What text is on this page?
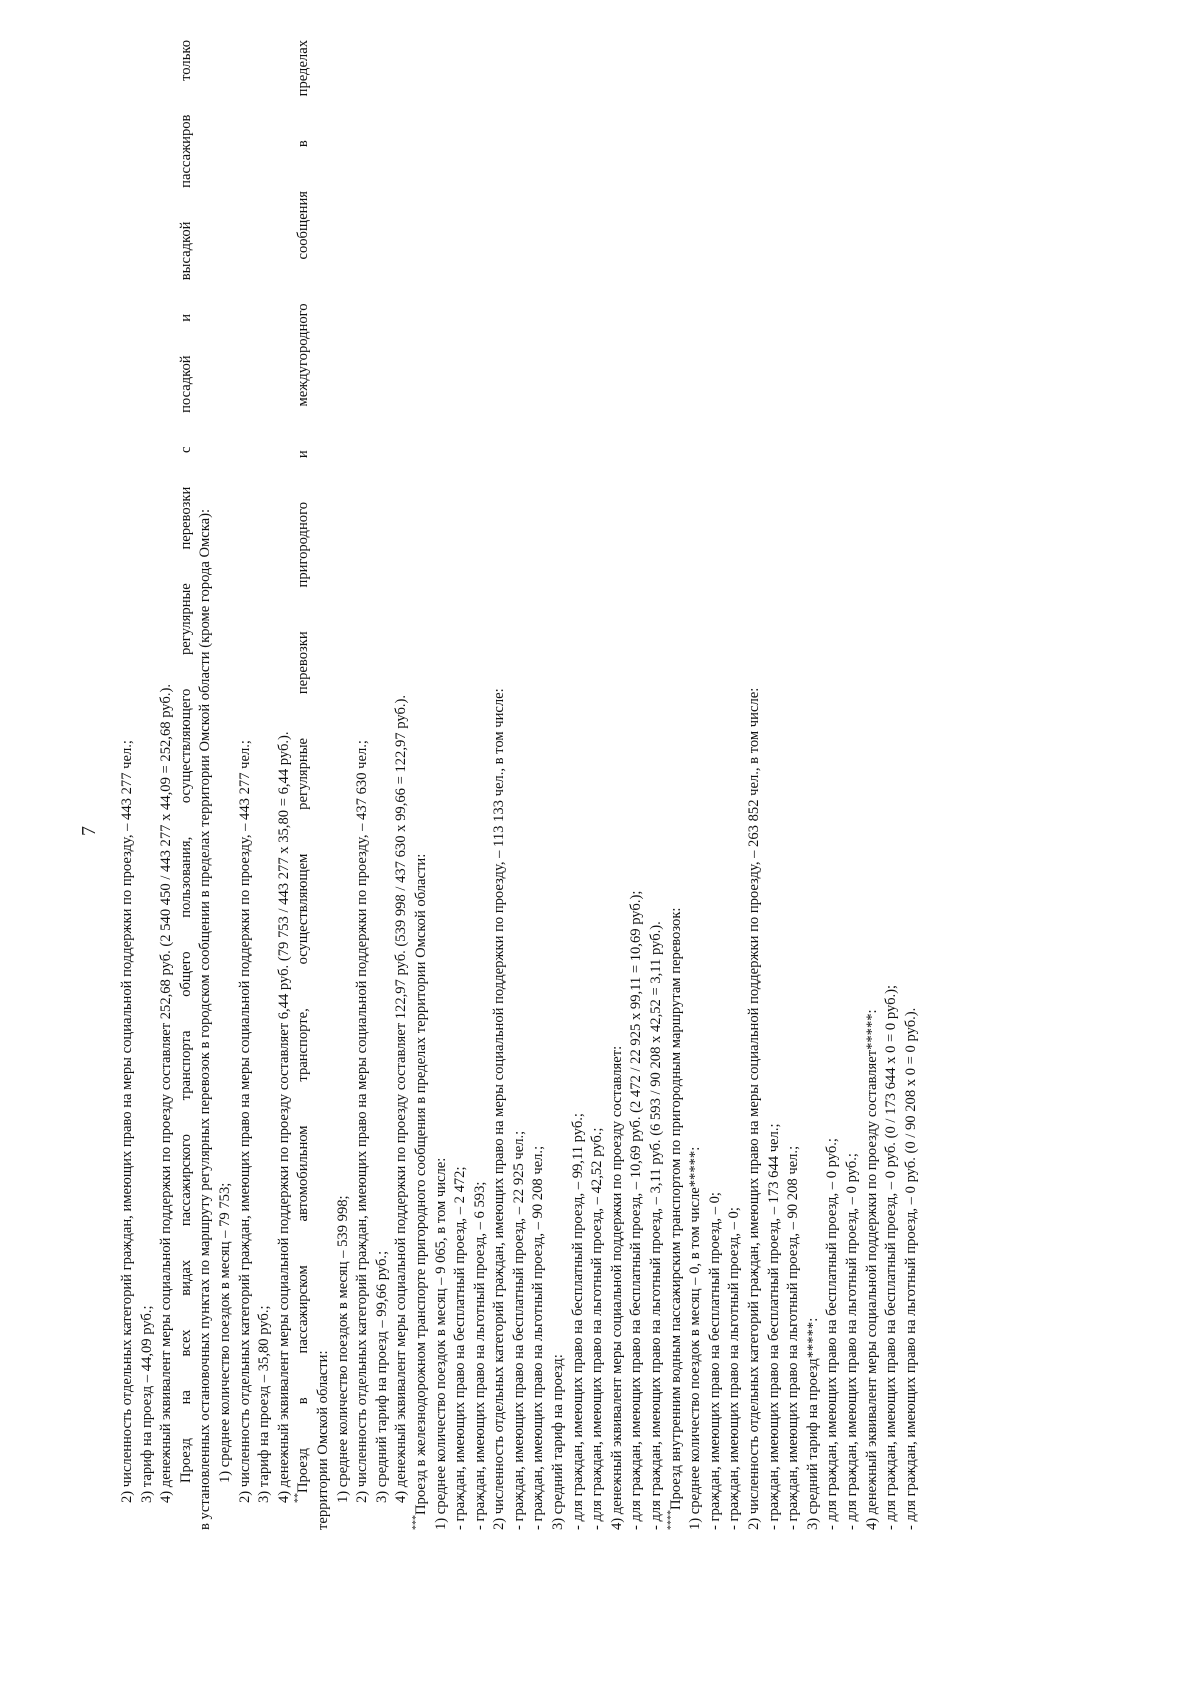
7 2) численность отдельных категорий граждан, имеющих право на меры социальной поддержки по проезду, – 443 277 чел.; 3) тариф на проезд – 44,09 руб.; 4) денежный эквивалент меры социальной поддержки по проезду составляет 252,68 руб. (2 540 450 / 443 277 х 44,09 = 252,68 руб.). Проезд на всех видах пассажирского транспорта общего пользования, осуществляющего регулярные перевозки с посадкой и высадкой пассажиров только в установленных остановочных пунктах по маршруту регулярных перевозок в городском сообщении в пределах территории Омской области (кроме города Омска): 1) среднее количество поездок в месяц – 79 753; 2) численность отдельных категорий граждан, имеющих право на меры социальной поддержки по проезду, – 443 277 чел.; 3) тариф на проезд – 35,80 руб.; 4) денежный эквивалент меры социальной поддержки по проезду составляет 6,44 руб. (79 753 / 443 277 х 35,80 = 6,44 руб.). **Проезд в пассажирском автомобильном транспорте, осуществляющем регулярные перевозки пригородного и междугородного сообщения в пределах территории Омской области: 1) среднее количество поездок в месяц – 539 998; 2) численность отдельных категорий граждан, имеющих право на меры социальной поддержки по проезду, – 437 630 чел.; 3) средний тариф на проезд – 99,66 руб.; 4) денежный эквивалент меры социальной поддержки по проезду составляет 122,97 руб. (539 998 / 437 630 х 99,66 = 122,97 руб.).
***Проезд в железнодорожном транспорте пригородного сообщения в пределах территории Омской области: 1) среднее количество поездок в месяц – 9 065, в том числе: - граждан, имеющих право на бесплатный проезд, – 2 472; - граждан, имеющих право на льготный проезд, – 6 593; 2) численность отдельных категорий граждан, имеющих право на меры социальной поддержки по проезду, – 113 133 чел., в том числе: - граждан, имеющих право на бесплатный проезд, – 22 925 чел.; - граждан, имеющих право на льготный проезд, – 90 208 чел.; 3) средний тариф на проезд: - для граждан, имеющих право на бесплатный проезд, – 99,11 руб.; - для граждан, имеющих право на льготный проезд, – 42,52 руб.; 4) денежный эквивалент меры социальной поддержки по проезду составляет: - для граждан, имеющих право на бесплатный проезд, – 10,69 руб. (2 472 / 22 925 х 99,11 = 10,69 руб.); - для граждан, имеющих право на льготный проезд, – 3,11 руб. (6 593 / 90 208 х 42,52 = 3,11 руб.). ****Проезд внутренним водным пассажирским транспортом по пригородным маршрутам перевозок: 1) среднее количество поездок в месяц – 0, в том числе*****: - граждан, имеющих право на бесплатный проезд, – 0; - граждан, имеющих право на льготный проезд, – 0; 2) численность отдельных категорий граждан, имеющих право на меры социальной поддержки по проезду, – 263 852 чел., в том числе: - граждан, имеющих право на бесплатный проезд, – 173 644 чел.; - граждан, имеющих право на льготный проезд, – 90 208 чел.; 3) средний тариф на проезд*****: - для граждан, имеющих право на бесплатный проезд, – 0 руб.; - для граждан, имеющих право на льготный проезд, – 0 руб.; 4) денежный эквивалент меры социальной поддержки по проезду составляет*****: - для граждан, имеющих право на бесплатный проезд, – 0 руб. (0 / 173 644 х 0 = 0 руб.); - для граждан, имеющих право на льготный проезд, – 0 руб. (0 / 90 208 х 0 = 0 руб.).
